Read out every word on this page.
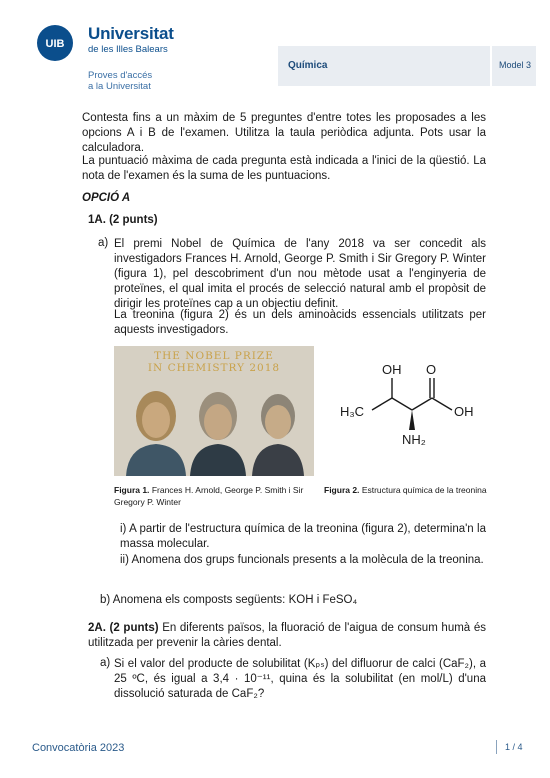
UIB
Universitat
de les Illes Balears
Proves d'accés
a la Universitat
Química	Model 3
Contesta fins a un màxim de 5 preguntes d'entre totes les proposades a les opcions A i B de l'examen. Utilitza la taula periòdica adjunta. Pots usar la calculadora.
La puntuació màxima de cada pregunta està indicada a l'inici de la qüestió. La nota de l'examen és la suma de les puntuacions.
OPCIÓ A
1A. (2 punts)
a) El premi Nobel de Química de l'any 2018 va ser concedit als investigadors Frances H. Arnold, George P. Smith i Sir Gregory P. Winter (figura 1), pel descobriment d'un nou mètode usat a l'enginyeria de proteïnes, el qual imita el procés de selecció natural amb el propòsit de dirigir les proteïnes cap a un objectiu definit.
La treonina (figura 2) és un dels aminoàcids essencials utilitzats per aquests investigadors.
THE NOBEL PRIZE
IN CHEMISTRY 2018	OH O
H₃C	OH
NH₂
Figura 1. Frances H. Arnold, George P. Smith i Sir Gregory P. Winter
Figura 2. Estructura química de la treonina
i) A partir de l'estructura química de la treonina (figura 2), determina'n la massa molecular.
ii) Anomena dos grups funcionals presents a la molècula de la treonina.
b) Anomena els composts següents: KOH i FeSO₄
2A. (2 punts) En diferents països, la fluoració de l'aigua de consum humà és utilitzada per prevenir la càries dental.
a) Si el valor del producte de solubilitat (Kₚₛ) del difluorur de calci (CaF₂), a 25 ºC, és igual a 3,4 · 10⁻¹¹, quina és la solubilitat (en mol/L) d'una dissolució saturada de CaF₂?
Convocatòria 2023	1 / 4
